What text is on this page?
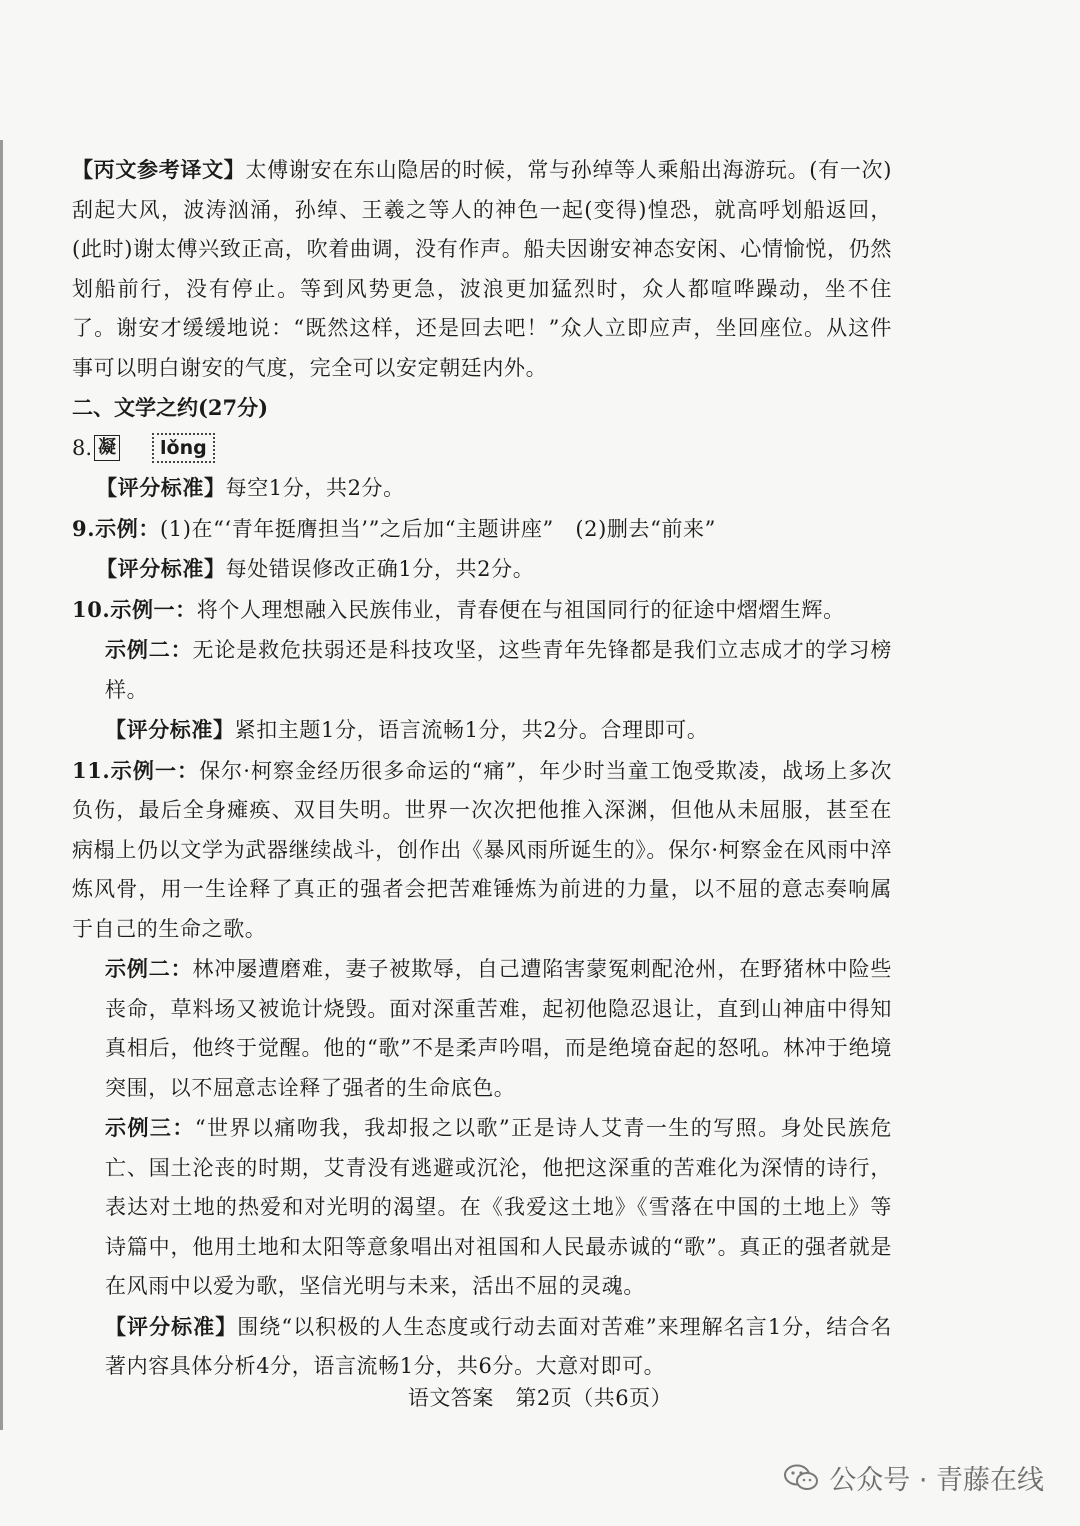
【丙文参考译文】太傅谢安在东山隐居的时候，常与孙绰等人乘船出海游玩。(有一次)刮起大风，波涛汹涌，孙绰、王羲之等人的神色一起(变得)惶恐，就高呼划船返回，(此时)谢太傅兴致正高，吹着曲调，没有作声。船夫因谢安神态安闲、心情愉悦，仍然划船前行，没有停止。等到风势更急，波浪更加猛烈时，众人都喧哗躁动，坐不住了。谢安才缓缓地说：“既然这样，还是回去吧！”众人立即应声，坐回座位。从这件事可以明白谢安的气度，完全可以安定朝廷内外。

二、文学之约(27分)

8. 凝	lǒng

【评分标准】每空1分，共2分。

9.示例：(1)在“‘青年挺膺担当’”之后加“主题讲座”　(2)删去“前来”

【评分标准】每处错误修改正确1分，共2分。

10.示例一：将个人理想融入民族伟业，青春便在与祖国同行的征途中熠熠生辉。

示例二：无论是救危扶弱还是科技攻坚，这些青年先锋都是我们立志成才的学习榜样。

【评分标准】紧扣主题1分，语言流畅1分，共2分。合理即可。

11.示例一：保尔·柯察金经历很多命运的“痛”，年少时当童工饱受欺凌，战场上多次负伤，最后全身瘫痪、双目失明。世界一次次把他推入深渊，但他从未屈服，甚至在病榻上仍以文学为武器继续战斗，创作出《暴风雨所诞生的》。保尔·柯察金在风雨中淬炼风骨，用一生诠释了真正的强者会把苦难锤炼为前进的力量，以不屈的意志奏响属于自己的生命之歌。

示例二：林冲屡遭磨难，妻子被欺辱，自己遭陷害蒙冤刺配沧州，在野猪林中险些丧命，草料场又被诡计烧毁。面对深重苦难，起初他隐忍退让，直到山神庙中得知真相后，他终于觉醒。他的“歌”不是柔声吟唱，而是绝境奋起的怒吼。林冲于绝境突围，以不屈意志诠释了强者的生命底色。

示例三：“世界以痛吻我，我却报之以歌”正是诗人艾青一生的写照。身处民族危亡、国土沦丧的时期，艾青没有逃避或沉沦，他把这深重的苦难化为深情的诗行，表达对土地的热爱和对光明的渴望。在《我爱这土地》《雪落在中国的土地上》等诗篇中，他用土地和太阳等意象唱出对祖国和人民最赤诚的“歌”。真正的强者就是在风雨中以爱为歌，坚信光明与未来，活出不屈的灵魂。

【评分标准】围绕“以积极的人生态度或行动去面对苦难”来理解名言1分，结合名著内容具体分析4分，语言流畅1分，共6分。大意对即可。

语文答案　第2页（共6页）
公众号 · 青藤在线
